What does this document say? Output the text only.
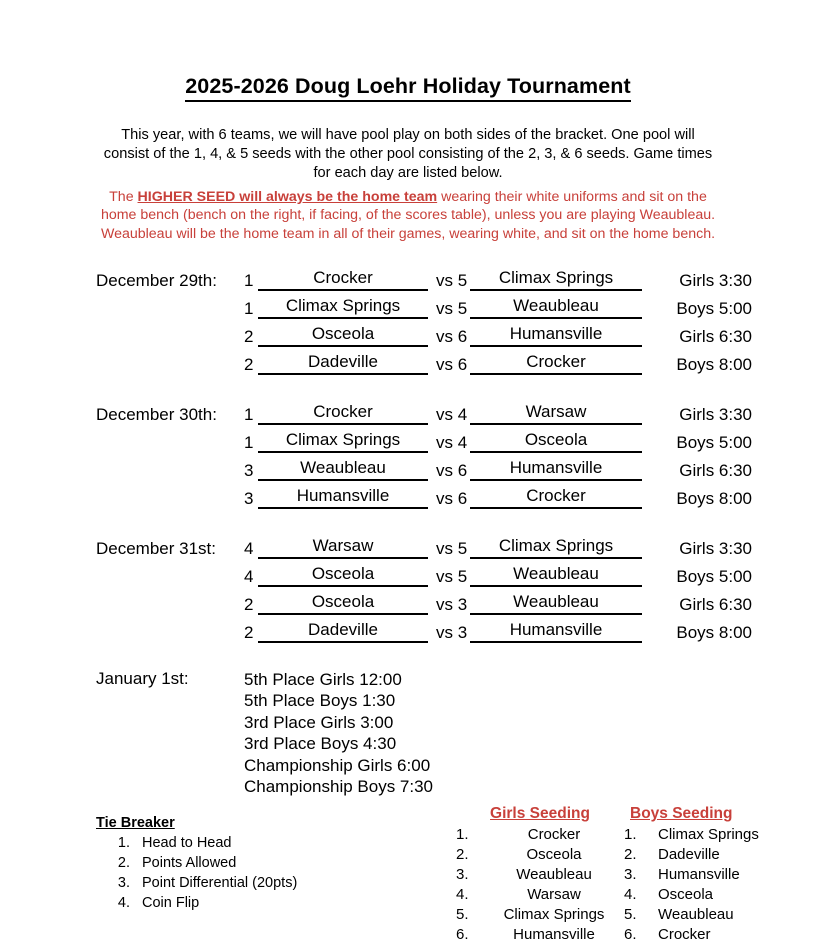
2025-2026 Doug Loehr Holiday Tournament

This year, with 6 teams, we will have pool play on both sides of the bracket. One pool will consist of the 1, 4, & 5 seeds with the other pool consisting of the 2, 3, & 6 seeds. Game times for each day are listed below.

The HIGHER SEED will always be the home team wearing their white uniforms and sit on the home bench (bench on the right, if facing, of the scores table), unless you are playing Weaubleau. Weaubleau will be the home team in all of their games, wearing white, and sit on the home bench.

December 29th:	1	Crocker	vs 5	Climax Springs	Girls 3:30
1	Climax Springs	vs 5	Weaubleau	Boys 5:00
2	Osceola	vs 6	Humansville	Girls 6:30
2	Dadeville	vs 6	Crocker	Boys 8:00
December 30th:	1	Crocker	vs 4	Warsaw	Girls 3:30
1	Climax Springs	vs 4	Osceola	Boys 5:00
3	Weaubleau	vs 6	Humansville	Girls 6:30
3	Humansville	vs 6	Crocker	Boys 8:00
December 31st:	4	Warsaw	vs 5	Climax Springs	Girls 3:30
4	Osceola	vs 5	Weaubleau	Boys 5:00
2	Osceola	vs 3	Weaubleau	Girls 6:30
2	Dadeville	vs 3	Humansville	Boys 8:00
January 1st:	5th Place Girls 12:00
5th Place Boys 1:30
3rd Place Girls 3:00
3rd Place Boys 4:30
Championship Girls 6:00
Championship Boys 7:30
Tie Breaker
1. Head to Head
2. Points Allowed
3. Point Differential (20pts)
4. Coin Flip
Girls Seeding
1.	Crocker
2.	Osceola
3.	Weaubleau
4.	Warsaw
5.	Climax Springs
6.	Humansville
Boys Seeding
1.	Climax Springs
2.	Dadeville
3.	Humansville
4.	Osceola
5.	Weaubleau
6.	Crocker
